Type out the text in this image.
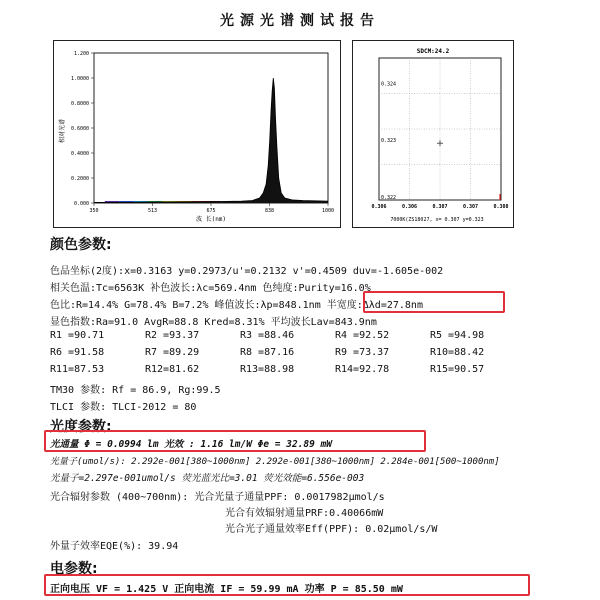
光源光谱测试报告
相对光谱
波 长(nm)
1.200
1.0000
0.8000
0.6000
0.4000
0.2000
0.000
350	513	675	838	1000
SDCM:24.2
7000K(ZS18027, x= 0.307 y=0.323
0.324
0.323
0.322
0.306	0.306	0.307	0.307	0.308
颜色参数:
色品坐标(2度):x=0.3163 y=0.2973/u'=0.2132 v'=0.4509 duv=-1.605e-002
相关色温:Tc=6563K 补色波长:λc=569.4nm 色纯度:Purity=16.0%
色比:R=14.4% G=78.4% B=7.2% 峰值波长:λp=848.1nm 半宽度:Δλd=27.8nm
显色指数:Ra=91.0 AvgR=88.8 Kred=8.31% 平均波长Lav=843.9nm
R1 =90.71	R2 =93.37	R3 =88.46	R4 =92.52	R5 =94.98
R6 =91.58	R7 =89.29	R8 =87.16	R9 =73.37	R10=88.42
R11=87.53	R12=81.62	R13=88.98	R14=92.78	R15=90.57
TM30 参数: Rf = 86.9, Rg:99.5
TLCI 参数: TLCI-2012 = 80
光度参数:
光通量 Φ = 0.0994 lm 光效 : 1.16 lm/W Φe = 32.89 mW
光量子(umol/s): 2.292e-001[380~1000nm] 2.292e-001[380~1000nm] 2.284e-001[500~1000nm]
光量子=2.297e-001umol/s 荧光蓝光比=3.01 荧光效能=6.556e-003
光合辐射参数 (400~700nm): 光合光量子通量PPF: 0.0017982μmol/s
光合有效辐射通量PRF:0.40066mW
光合光子通量效率Eff(PPF): 0.02μmol/s/W
外量子效率EQE(%): 39.94
电参数:
正向电压 VF = 1.425 V 正向电流 IF = 59.99 mA 功率 P = 85.50 mW
